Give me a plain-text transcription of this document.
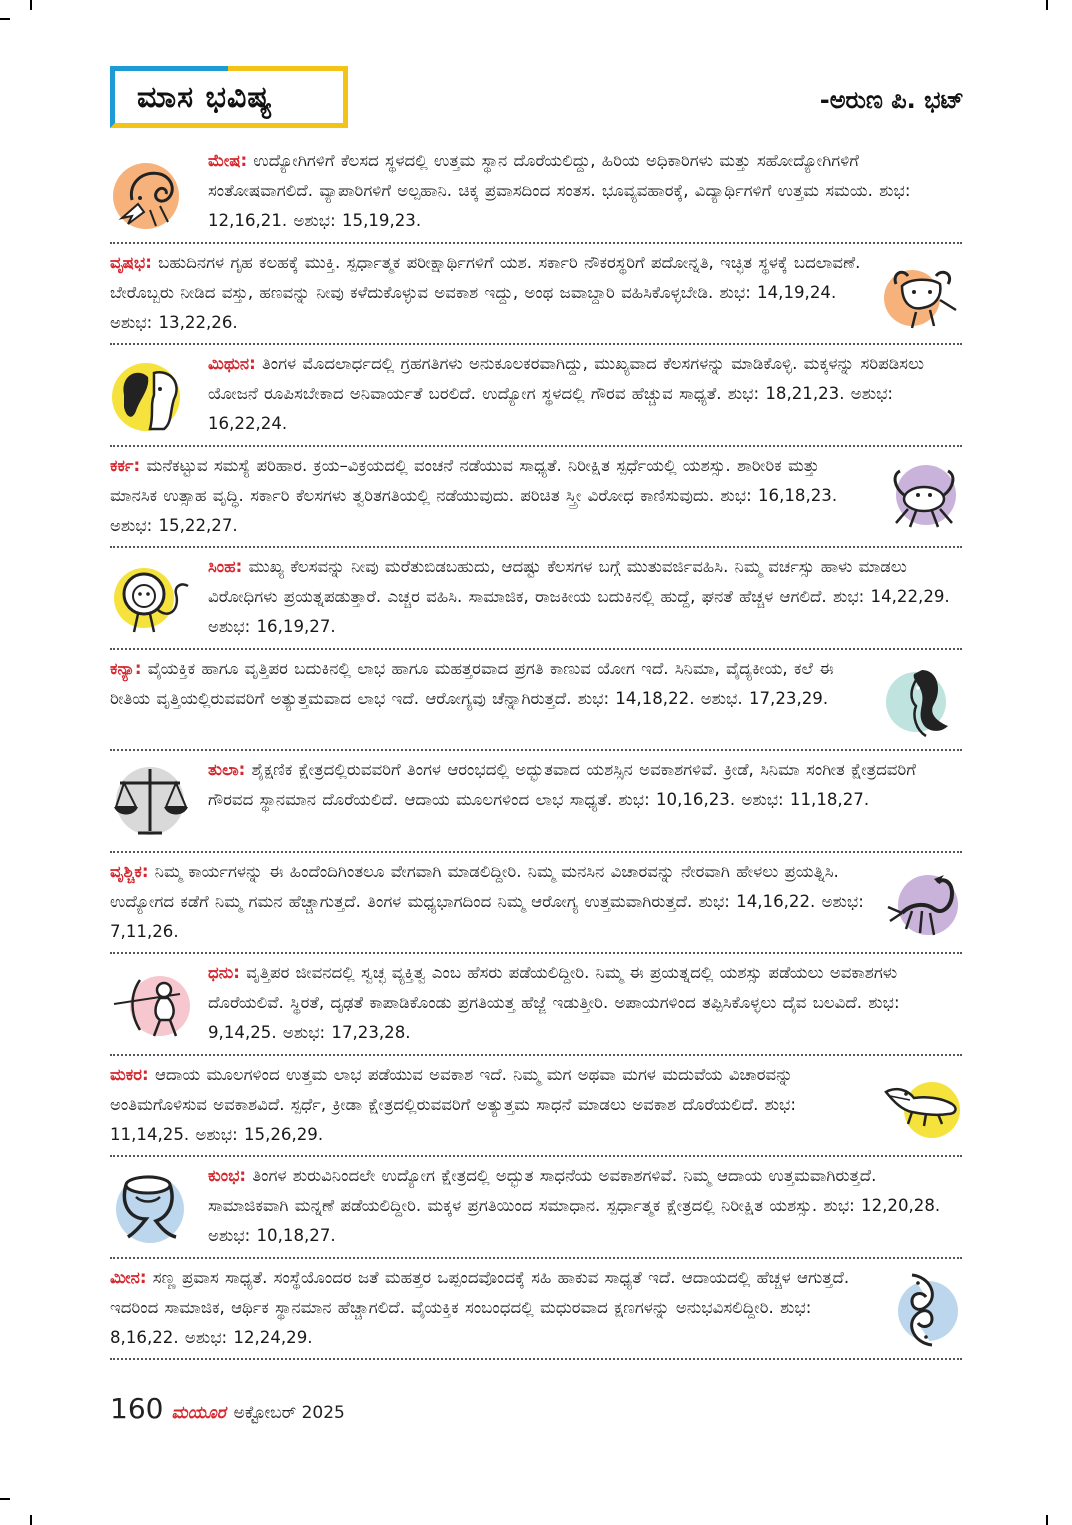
ಮಾಸ ಭವಿಷ್ಯ	-ಅರುಣ ಪಿ. ಭಟ್
ಮೇಷ: ಉದ್ಯೋಗಿಗಳಿಗೆ ಕೆಲಸದ ಸ್ಥಳದಲ್ಲಿ ಉತ್ತಮ ಸ್ಥಾನ ದೊರೆಯಲಿದ್ದು, ಹಿರಿಯ ಅಧಿಕಾರಿಗಳು ಮತ್ತು ಸಹೋದ್ಯೋಗಿಗಳಿಗೆ ಸಂತೋಷವಾಗಲಿದೆ. ವ್ಯಾಪಾರಿಗಳಿಗೆ ಅಲ್ಪಹಾನಿ. ಚಿಕ್ಕ ಪ್ರವಾಸದಿಂದ ಸಂತಸ. ಭೂವ್ಯವಹಾರಕ್ಕೆ, ವಿದ್ಯಾರ್ಥಿಗಳಿಗೆ ಉತ್ತಮ ಸಮಯ. ಶುಭ: 12,16,21. ಅಶುಭ: 15,19,23.
ವೃಷಭ: ಬಹುದಿನಗಳ ಗೃಹ ಕಲಹಕ್ಕೆ ಮುಕ್ತಿ. ಸ್ಪರ್ಧಾತ್ಮಕ ಪರೀಕ್ಷಾರ್ಥಿಗಳಿಗೆ ಯಶ. ಸರ್ಕಾರಿ ನೌಕರಸ್ಥರಿಗೆ ಪದೋನ್ನತಿ, ಇಚ್ಛಿತ ಸ್ಥಳಕ್ಕೆ ಬದಲಾವಣೆ. ಬೇರೊಬ್ಬರು ನೀಡಿದ ವಸ್ತು, ಹಣವನ್ನು ನೀವು ಕಳೆದುಕೊಳ್ಳುವ ಅವಕಾಶ ಇದ್ದು, ಅಂಥ ಜವಾಬ್ದಾರಿ ವಹಿಸಿಕೊಳ್ಳಬೇಡಿ. ಶುಭ: 14,19,24. ಅಶುಭ: 13,22,26.
ಮಿಥುನ: ತಿಂಗಳ ಮೊದಲಾರ್ಧದಲ್ಲಿ ಗ್ರಹಗತಿಗಳು ಅನುಕೂಲಕರವಾಗಿದ್ದು, ಮುಖ್ಯವಾದ ಕೆಲಸಗಳನ್ನು ಮಾಡಿಕೊಳ್ಳಿ. ಮಕ್ಕಳನ್ನು ಸರಿಪಡಿಸಲು ಯೋಜನೆ ರೂಪಿಸಬೇಕಾದ ಅನಿವಾರ್ಯತೆ ಬರಲಿದೆ. ಉದ್ಯೋಗ ಸ್ಥಳದಲ್ಲಿ ಗೌರವ ಹೆಚ್ಚುವ ಸಾಧ್ಯತೆ. ಶುಭ: 18,21,23. ಅಶುಭ: 16,22,24.
ಕರ್ಕ: ಮನೆಕಟ್ಟುವ ಸಮಸ್ಯೆ ಪರಿಹಾರ. ಕ್ರಯ–ವಿಕ್ರಯದಲ್ಲಿ ವಂಚನೆ ನಡೆಯುವ ಸಾಧ್ಯತೆ. ನಿರೀಕ್ಷಿತ ಸ್ಪರ್ಧೆಯಲ್ಲಿ ಯಶಸ್ಸು. ಶಾರೀರಿಕ ಮತ್ತು ಮಾನಸಿಕ ಉತ್ಸಾಹ ವೃದ್ಧಿ. ಸರ್ಕಾರಿ ಕೆಲಸಗಳು ತ್ವರಿತಗತಿಯಲ್ಲಿ ನಡೆಯುವುದು. ಪರಿಚಿತ ಸ್ತ್ರೀ ವಿರೋಧ ಕಾಣಿಸುವುದು. ಶುಭ: 16,18,23. ಅಶುಭ: 15,22,27.
ಸಿಂಹ: ಮುಖ್ಯ ಕೆಲಸವನ್ನು ನೀವು ಮರೆತುಬಿಡಬಹುದು, ಆದಷ್ಟು ಕೆಲಸಗಳ ಬಗ್ಗೆ ಮುತುವರ್ಜಿವಹಿಸಿ. ನಿಮ್ಮ ವರ್ಚಸ್ಸು ಹಾಳು ಮಾಡಲು ವಿರೋಧಿಗಳು ಪ್ರಯತ್ನಪಡುತ್ತಾರೆ. ಎಚ್ಚರ ವಹಿಸಿ. ಸಾಮಾಜಿಕ, ರಾಜಕೀಯ ಬದುಕಿನಲ್ಲಿ ಹುದ್ದೆ, ಘನತೆ ಹೆಚ್ಚಳ ಆಗಲಿದೆ. ಶುಭ: 14,22,29. ಅಶುಭ: 16,19,27.
ಕನ್ಯಾ: ವೈಯಕ್ತಿಕ ಹಾಗೂ ವೃತ್ತಿಪರ ಬದುಕಿನಲ್ಲಿ ಲಾಭ ಹಾಗೂ ಮಹತ್ತರವಾದ ಪ್ರಗತಿ ಕಾಣುವ ಯೋಗ ಇದೆ. ಸಿನಿಮಾ, ವೈದ್ಯಕೀಯ, ಕಲೆ ಈ ರೀತಿಯ ವೃತ್ತಿಯಲ್ಲಿರುವವರಿಗೆ ಅತ್ಯುತ್ತಮವಾದ ಲಾಭ ಇದೆ. ಆರೋಗ್ಯವು ಚೆನ್ನಾಗಿರುತ್ತದೆ. ಶುಭ: 14,18,22. ಅಶುಭ. 17,23,29.
ತುಲಾ: ಶೈಕ್ಷಣಿಕ ಕ್ಷೇತ್ರದಲ್ಲಿರುವವರಿಗೆ ತಿಂಗಳ ಆರಂಭದಲ್ಲಿ ಅದ್ಭುತವಾದ ಯಶಸ್ಸಿನ ಅವಕಾಶಗಳಿವೆ. ಕ್ರೀಡೆ, ಸಿನಿಮಾ ಸಂಗೀತ ಕ್ಷೇತ್ರದವರಿಗೆ ಗೌರವದ ಸ್ಥಾನಮಾನ ದೊರೆಯಲಿದೆ. ಆದಾಯ ಮೂಲಗಳಿಂದ ಲಾಭ ಸಾಧ್ಯತೆ. ಶುಭ: 10,16,23. ಅಶುಭ: 11,18,27.
ವೃಶ್ಚಿಕ: ನಿಮ್ಮ ಕಾರ್ಯಗಳನ್ನು ಈ ಹಿಂದೆಂದಿಗಿಂತಲೂ ವೇಗವಾಗಿ ಮಾಡಲಿದ್ದೀರಿ. ನಿಮ್ಮ ಮನಸಿನ ವಿಚಾರವನ್ನು ನೇರವಾಗಿ ಹೇಳಲು ಪ್ರಯತ್ನಿಸಿ. ಉದ್ಯೋಗದ ಕಡೆಗೆ ನಿಮ್ಮ ಗಮನ ಹೆಚ್ಚಾಗುತ್ತದೆ. ತಿಂಗಳ ಮಧ್ಯಭಾಗದಿಂದ ನಿಮ್ಮ ಆರೋಗ್ಯ ಉತ್ತಮವಾಗಿರುತ್ತದೆ. ಶುಭ: 14,16,22. ಅಶುಭ: 7,11,26.
ಧನು: ವೃತ್ತಿಪರ ಜೀವನದಲ್ಲಿ ಸ್ವಚ್ಛ ವ್ಯಕ್ತಿತ್ವ ಎಂಬ ಹೆಸರು ಪಡೆಯಲಿದ್ದೀರಿ. ನಿಮ್ಮ ಈ ಪ್ರಯತ್ನದಲ್ಲಿ ಯಶಸ್ಸು ಪಡೆಯಲು ಅವಕಾಶಗಳು ದೊರೆಯಲಿವೆ. ಸ್ಥಿರತೆ, ದೃಢತೆ ಕಾಪಾಡಿಕೊಂಡು ಪ್ರಗತಿಯತ್ತ ಹೆಜ್ಜೆ ಇಡುತ್ತೀರಿ. ಅಪಾಯಗಳಿಂದ ತಪ್ಪಿಸಿಕೊಳ್ಳಲು ದೈವ ಬಲವಿದೆ. ಶುಭ: 9,14,25. ಅಶುಭ: 17,23,28.
ಮಕರ: ಆದಾಯ ಮೂಲಗಳಿಂದ ಉತ್ತಮ ಲಾಭ ಪಡೆಯುವ ಅವಕಾಶ ಇದೆ. ನಿಮ್ಮ ಮಗ ಅಥವಾ ಮಗಳ ಮದುವೆಯ ವಿಚಾರವನ್ನು ಅಂತಿಮಗೊಳಿಸುವ ಅವಕಾಶವಿದೆ. ಸ್ಪರ್ಧೆ, ಕ್ರೀಡಾ ಕ್ಷೇತ್ರದಲ್ಲಿರುವವರಿಗೆ ಅತ್ಯುತ್ತಮ ಸಾಧನೆ ಮಾಡಲು ಅವಕಾಶ ದೊರೆಯಲಿದೆ. ಶುಭ: 11,14,25. ಅಶುಭ: 15,26,29.
ಕುಂಭ: ತಿಂಗಳ ಶುರುವಿನಿಂದಲೇ ಉದ್ಯೋಗ ಕ್ಷೇತ್ರದಲ್ಲಿ ಅದ್ಭುತ ಸಾಧನೆಯ ಅವಕಾಶಗಳಿವೆ. ನಿಮ್ಮ ಆದಾಯ ಉತ್ತಮವಾಗಿರುತ್ತದೆ. ಸಾಮಾಜಿಕವಾಗಿ ಮನ್ನಣೆ ಪಡೆಯಲಿದ್ದೀರಿ. ಮಕ್ಕಳ ಪ್ರಗತಿಯಿಂದ ಸಮಾಧಾನ. ಸ್ಪರ್ಧಾತ್ಮಕ ಕ್ಷೇತ್ರದಲ್ಲಿ ನಿರೀಕ್ಷಿತ ಯಶಸ್ಸು. ಶುಭ: 12,20,28. ಅಶುಭ: 10,18,27.
ಮೀನ: ಸಣ್ಣ ಪ್ರವಾಸ ಸಾಧ್ಯತೆ. ಸಂಸ್ಥೆಯೊಂದರ ಜತೆ ಮಹತ್ತರ ಒಪ್ಪಂದವೊಂದಕ್ಕೆ ಸಹಿ ಹಾಕುವ ಸಾಧ್ಯತೆ ಇದೆ. ಆದಾಯದಲ್ಲಿ ಹೆಚ್ಚಳ ಆಗುತ್ತದೆ. ಇದರಿಂದ ಸಾಮಾಜಿಕ, ಆರ್ಥಿಕ ಸ್ಥಾನಮಾನ ಹೆಚ್ಚಾಗಲಿದೆ. ವೈಯಕ್ತಿಕ ಸಂಬಂಧದಲ್ಲಿ ಮಧುರವಾದ ಕ್ಷಣಗಳನ್ನು ಅನುಭವಿಸಲಿದ್ದೀರಿ. ಶುಭ: 8,16,22. ಅಶುಭ: 12,24,29.
160 ಮಯೂರ ಅಕ್ಟೋಬರ್ 2025
